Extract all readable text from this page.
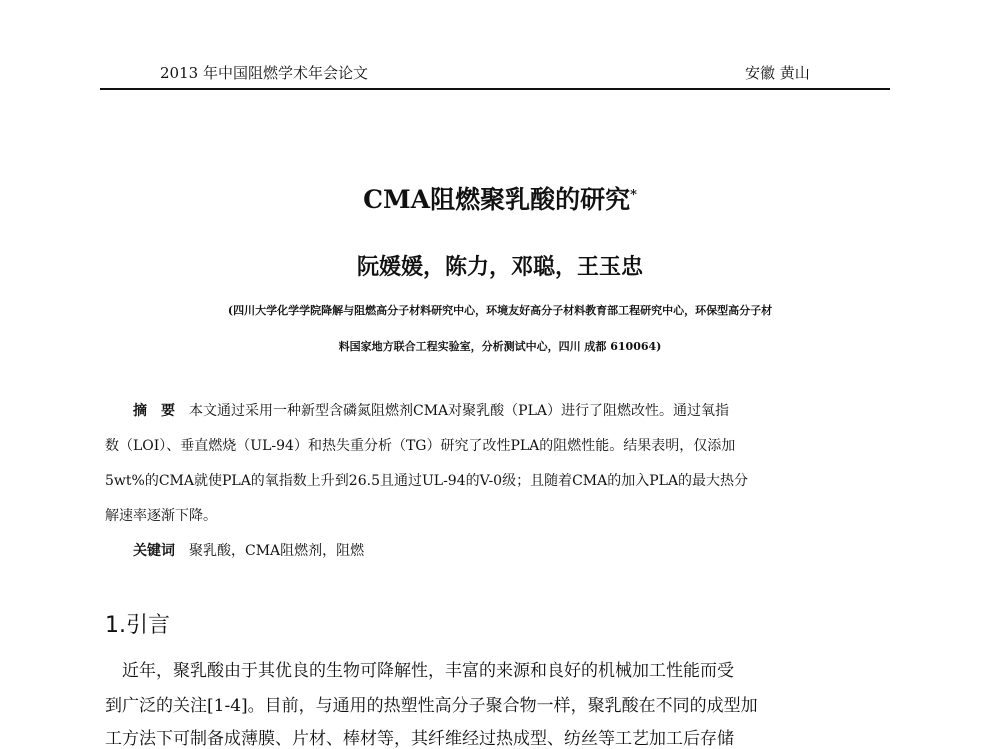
2013 年中国阻燃学术年会论文	安徽 黄山
CMA阻燃聚乳酸的研究*
阮媛媛，陈力，邓聪，王玉忠
(四川大学化学学院降解与阻燃高分子材料研究中心，环境友好高分子材料教育部工程研究中心，环保型高分子材
料国家地方联合工程实验室，分析测试中心，四川 成都 610064)
摘　要 本文通过采用一种新型含磷氮阻燃剂CMA对聚乳酸（PLA）进行了阻燃改性。通过氧指
数（LOI）、垂直燃烧（UL-94）和热失重分析（TG）研究了改性PLA的阻燃性能。结果表明，仅添加
5wt%的CMA就使PLA的氧指数上升到26.5且通过UL-94的V-0级；且随着CMA的加入PLA的最大热分
解速率逐渐下降。
关键词 聚乳酸，CMA阻燃剂，阻燃
1.引言
　近年，聚乳酸由于其优良的生物可降解性，丰富的来源和良好的机械加工性能而受
到广泛的关注[1-4]。目前，与通用的热塑性高分子聚合物一样，聚乳酸在不同的成型加
工方法下可制备成薄膜、片材、棒材等，其纤维经过热成型、纺丝等工艺加工后存储
